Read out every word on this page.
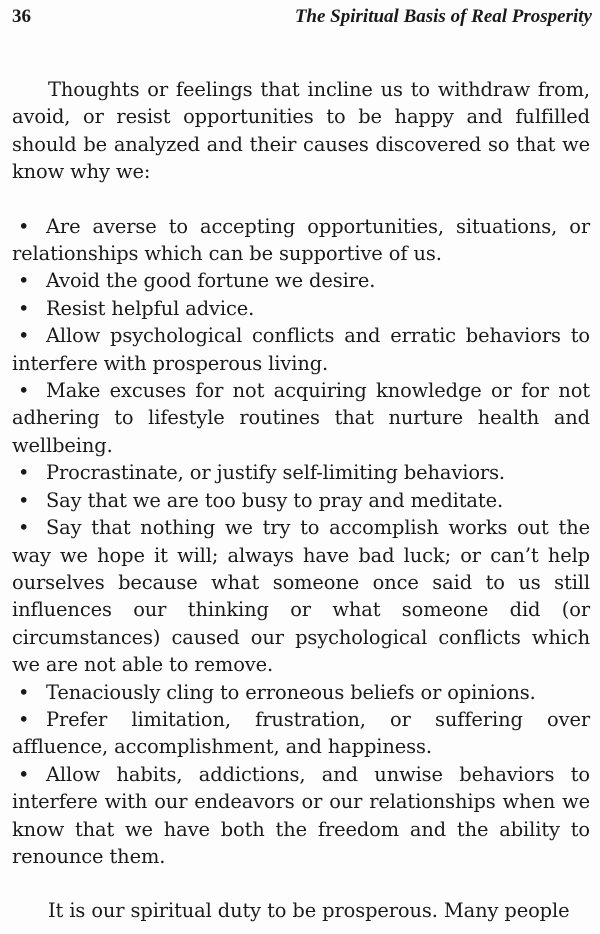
36	The Spiritual Basis of Real Prosperity

Thoughts or feelings that incline us to withdraw from, avoid, or resist opportunities to be happy and fulfilled should be analyzed and their causes discovered so that we know why we:

• Are averse to accepting opportunities, situations, or relationships which can be supportive of us.
• Avoid the good fortune we desire.
• Resist helpful advice.
• Allow psychological conflicts and erratic behaviors to interfere with prosperous living.
• Make excuses for not acquiring knowledge or for not adhering to lifestyle routines that nurture health and wellbeing.
• Procrastinate, or justify self-limiting behaviors.
• Say that we are too busy to pray and meditate.
• Say that nothing we try to accomplish works out the way we hope it will; always have bad luck; or can’t help ourselves because what someone once said to us still influences our thinking or what someone did (or circumstances) caused our psychological conflicts which we are not able to remove.
• Tenaciously cling to erroneous beliefs or opinions.
• Prefer limitation, frustration, or suffering over affluence, accomplishment, and happiness.
• Allow habits, addictions, and unwise behaviors to interfere with our endeavors or our relationships when we know that we have both the freedom and the ability to renounce them.

It is our spiritual duty to be prosperous. Many people
